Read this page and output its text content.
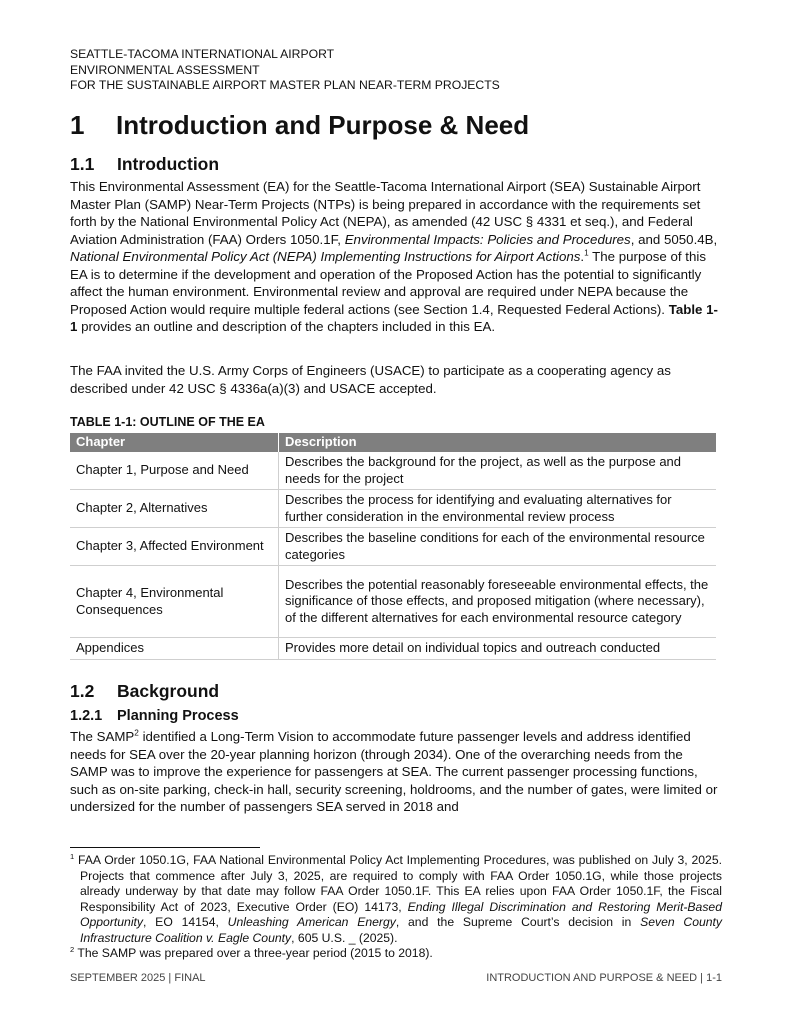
SEATTLE-TACOMA INTERNATIONAL AIRPORT
ENVIRONMENTAL ASSESSMENT
FOR THE SUSTAINABLE AIRPORT MASTER PLAN NEAR-TERM PROJECTS
1 Introduction and Purpose & Need
1.1 Introduction

This Environmental Assessment (EA) for the Seattle-Tacoma International Airport (SEA) Sustainable Airport Master Plan (SAMP) Near-Term Projects (NTPs) is being prepared in accordance with the requirements set forth by the National Environmental Policy Act (NEPA), as amended (42 USC § 4331 et seq.), and Federal Aviation Administration (FAA) Orders 1050.1F, Environmental Impacts: Policies and Procedures, and 5050.4B, National Environmental Policy Act (NEPA) Implementing Instructions for Airport Actions.$^1$ The purpose of this EA is to determine if the development and operation of the Proposed Action has the potential to significantly affect the human environment. Environmental review and approval are required under NEPA because the Proposed Action would require multiple federal actions (see Section 1.4, Requested Federal Actions). Table 1-1 provides an outline and description of the chapters included in this EA.

The FAA invited the U.S. Army Corps of Engineers (USACE) to participate as a cooperating agency as described under 42 USC § 4336a(a)(3) and USACE accepted.

TABLE 1-1: OUTLINE OF THE EA
Chapter	Description
Chapter 1, Purpose and Need	Describes the background for the project, as well as the purpose and needs for the project
Chapter 2, Alternatives	Describes the process for identifying and evaluating alternatives for further consideration in the environmental review process
Chapter 3, Affected Environment	Describes the baseline conditions for each of the environmental resource categories
Chapter 4, Environmental Consequences	Describes the potential reasonably foreseeable environmental effects, the significance of those effects, and proposed mitigation (where necessary), of the different alternatives for each environmental resource category
Appendices	Provides more detail on individual topics and outreach conducted
1.2 Background
1.2.1 Planning Process

The SAMP$^2$ identified a Long-Term Vision to accommodate future passenger levels and address identified needs for SEA over the 20-year planning horizon (through 2034). One of the overarching needs from the SAMP was to improve the experience for passengers at SEA. The current passenger processing functions, such as on-site parking, check-in hall, security screening, holdrooms, and the number of gates, were limited or undersized for the number of passengers SEA served in 2018 and

$^1$ FAA Order 1050.1G, FAA National Environmental Policy Act Implementing Procedures, was published on July 3, 2025. Projects that commence after July 3, 2025, are required to comply with FAA Order 1050.1G, while those projects already underway by that date may follow FAA Order 1050.1F. This EA relies upon FAA Order 1050.1F, the Fiscal Responsibility Act of 2023, Executive Order (EO) 14173, Ending Illegal Discrimination and Restoring Merit-Based Opportunity, EO 14154, Unleashing American Energy, and the Supreme Court’s decision in Seven County Infrastructure Coalition v. Eagle County, 605 U.S. _ (2025).
$^2$ The SAMP was prepared over a three-year period (2015 to 2018).
SEPTEMBER 2025 | FINAL	INTRODUCTION AND PURPOSE & NEED | 1-1
